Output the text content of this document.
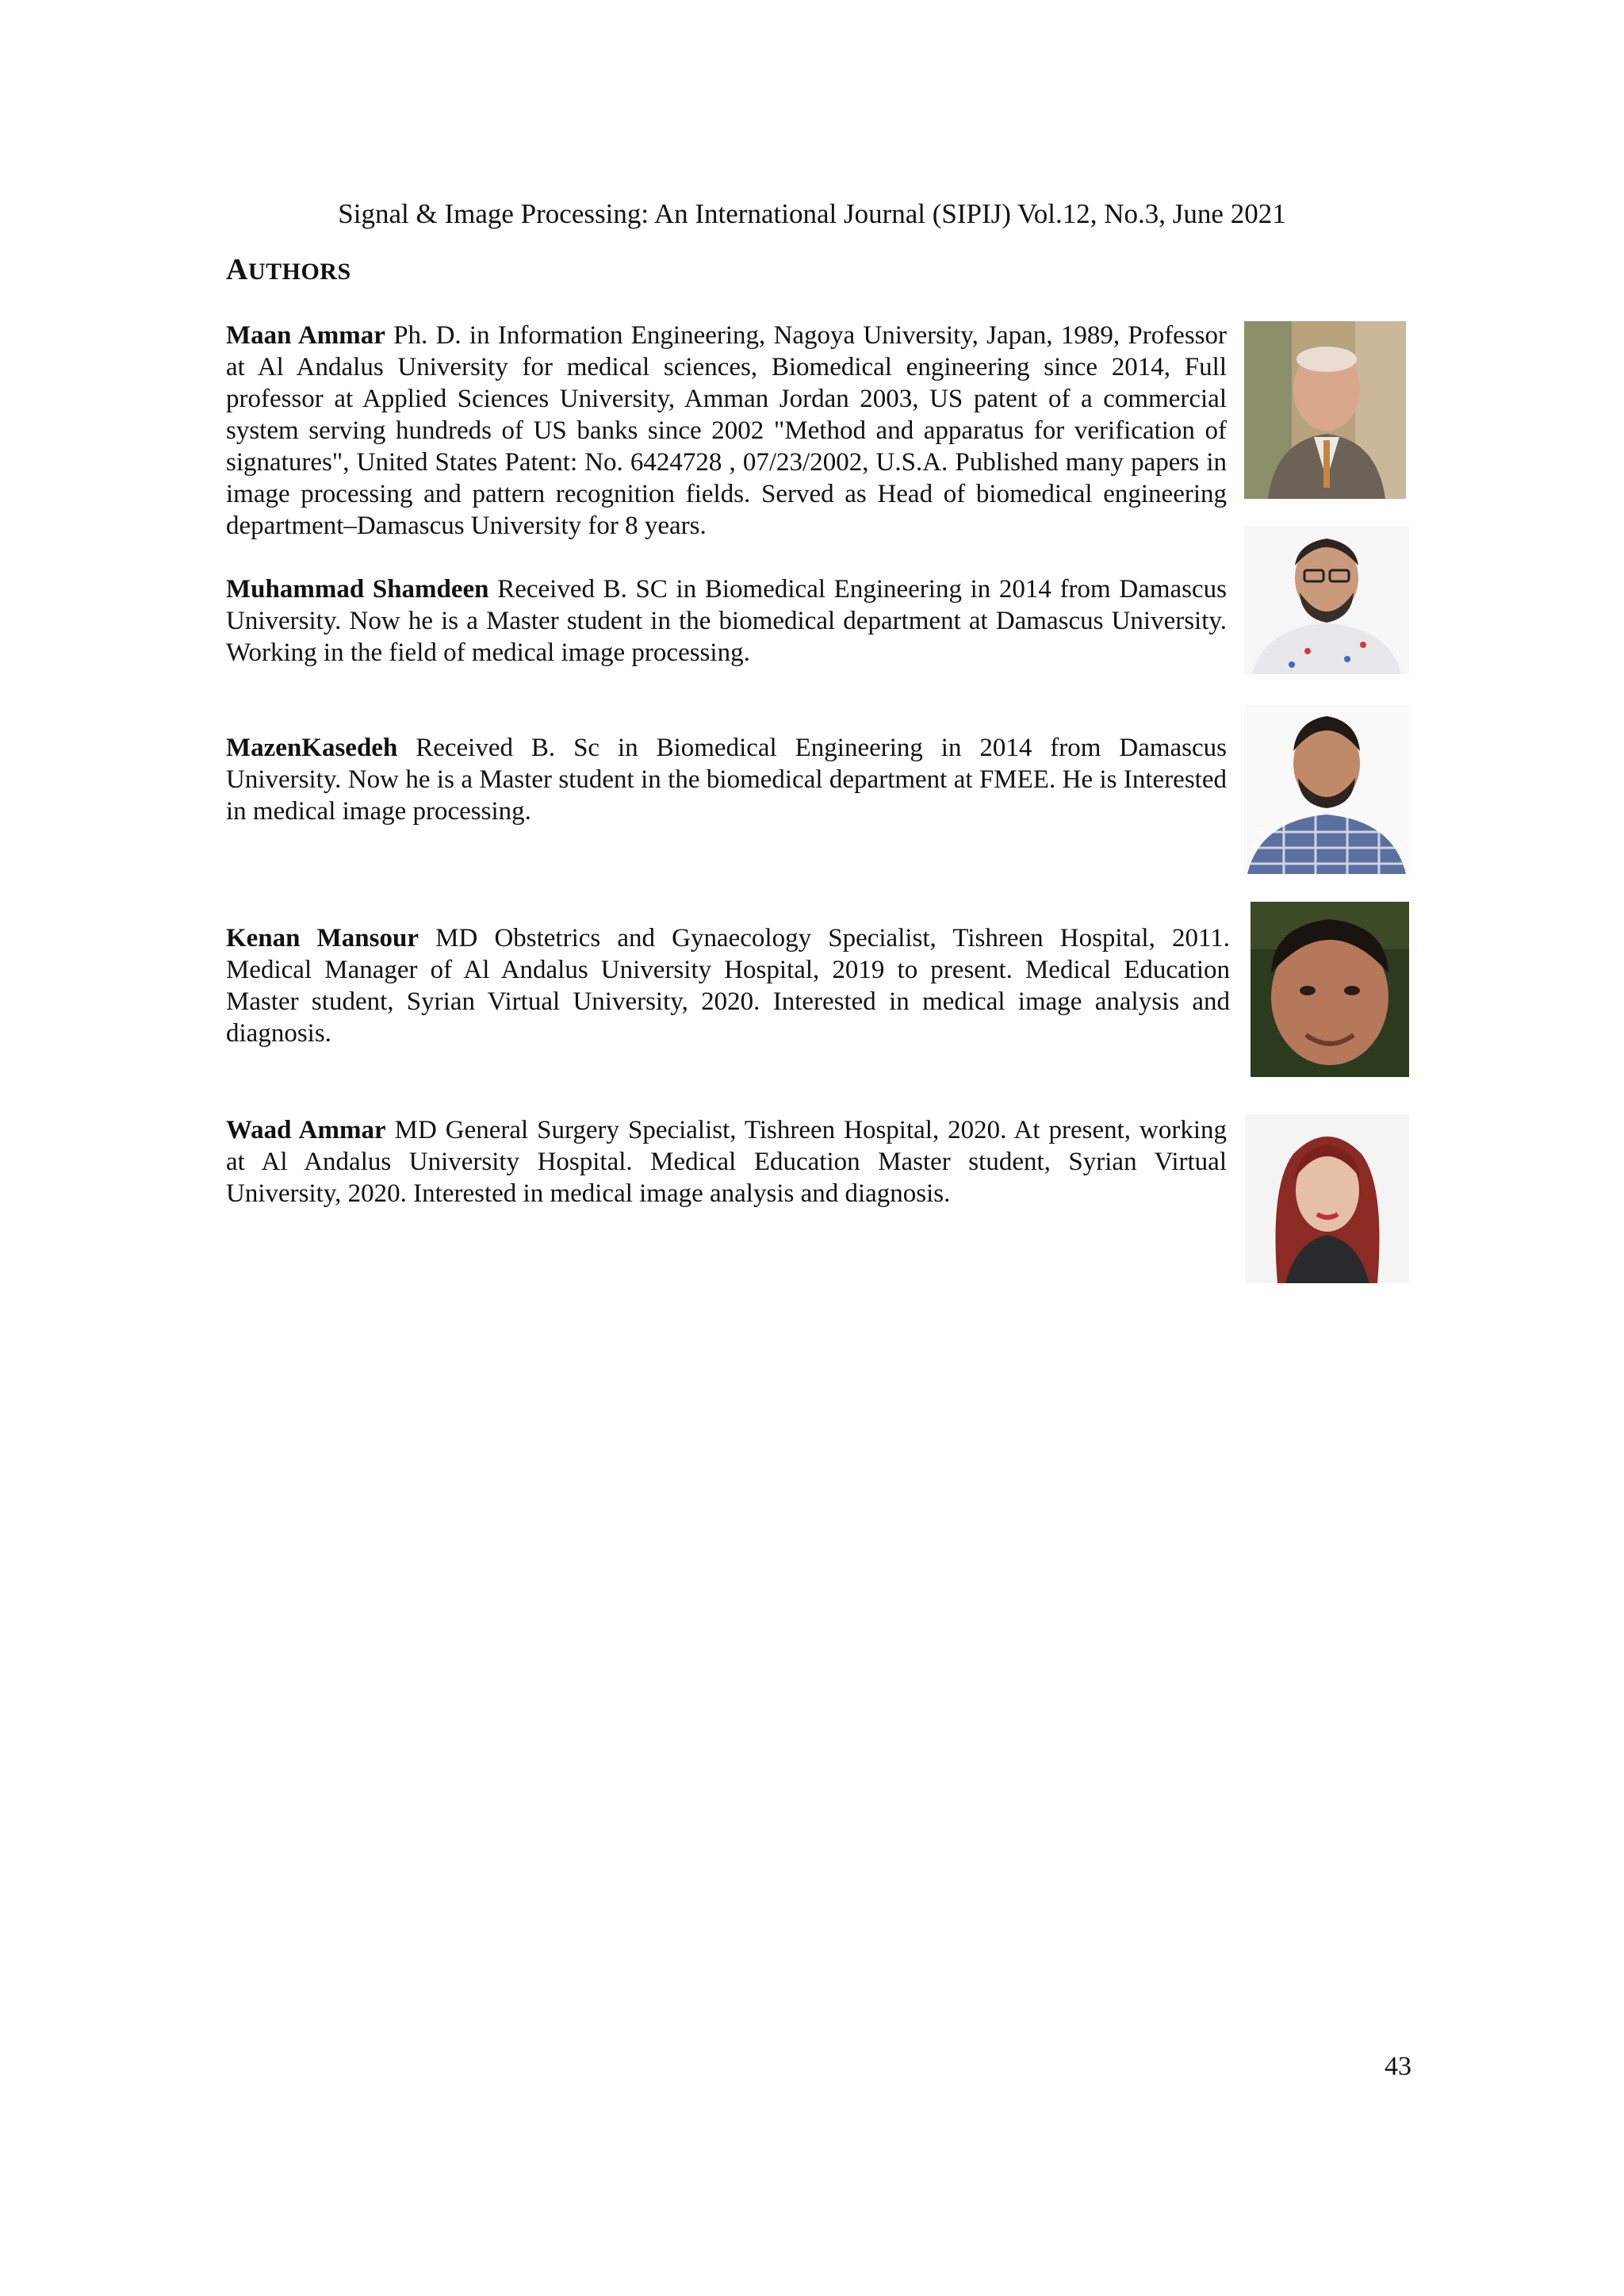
Signal & Image Processing: An International Journal (SIPIJ) Vol.12, No.3, June 2021
AUTHORS

Maan Ammar Ph. D. in Information Engineering, Nagoya University, Japan, 1989, Professor at Al Andalus University for medical sciences, Biomedical engineering since 2014, Full professor at Applied Sciences University, Amman Jordan 2003, US patent of a commercial system serving hundreds of US banks since 2002 "Method and apparatus for verification of signatures", United States Patent: No. 6424728 , 07/23/2002, U.S.A. Published many papers in image processing and pattern recognition fields. Served as Head of biomedical engineering department–Damascus University for 8 years.

Muhammad Shamdeen Received B. SC in Biomedical Engineering in 2014 from Damascus University. Now he is a Master student in the biomedical department at Damascus University. Working in the field of medical image processing.

MazenKasedeh Received B. Sc in Biomedical Engineering in 2014 from Damascus University. Now he is a Master student in the biomedical department at FMEE. He is Interested in medical image processing.

Kenan Mansour MD Obstetrics and Gynaecology Specialist, Tishreen Hospital, 2011. Medical Manager of Al Andalus University Hospital, 2019 to present. Medical Education Master student, Syrian Virtual University, 2020. Interested in medical image analysis and diagnosis.

Waad Ammar MD General Surgery Specialist, Tishreen Hospital, 2020. At present, working at Al Andalus University Hospital. Medical Education Master student, Syrian Virtual University, 2020. Interested in medical image analysis and diagnosis.

43
